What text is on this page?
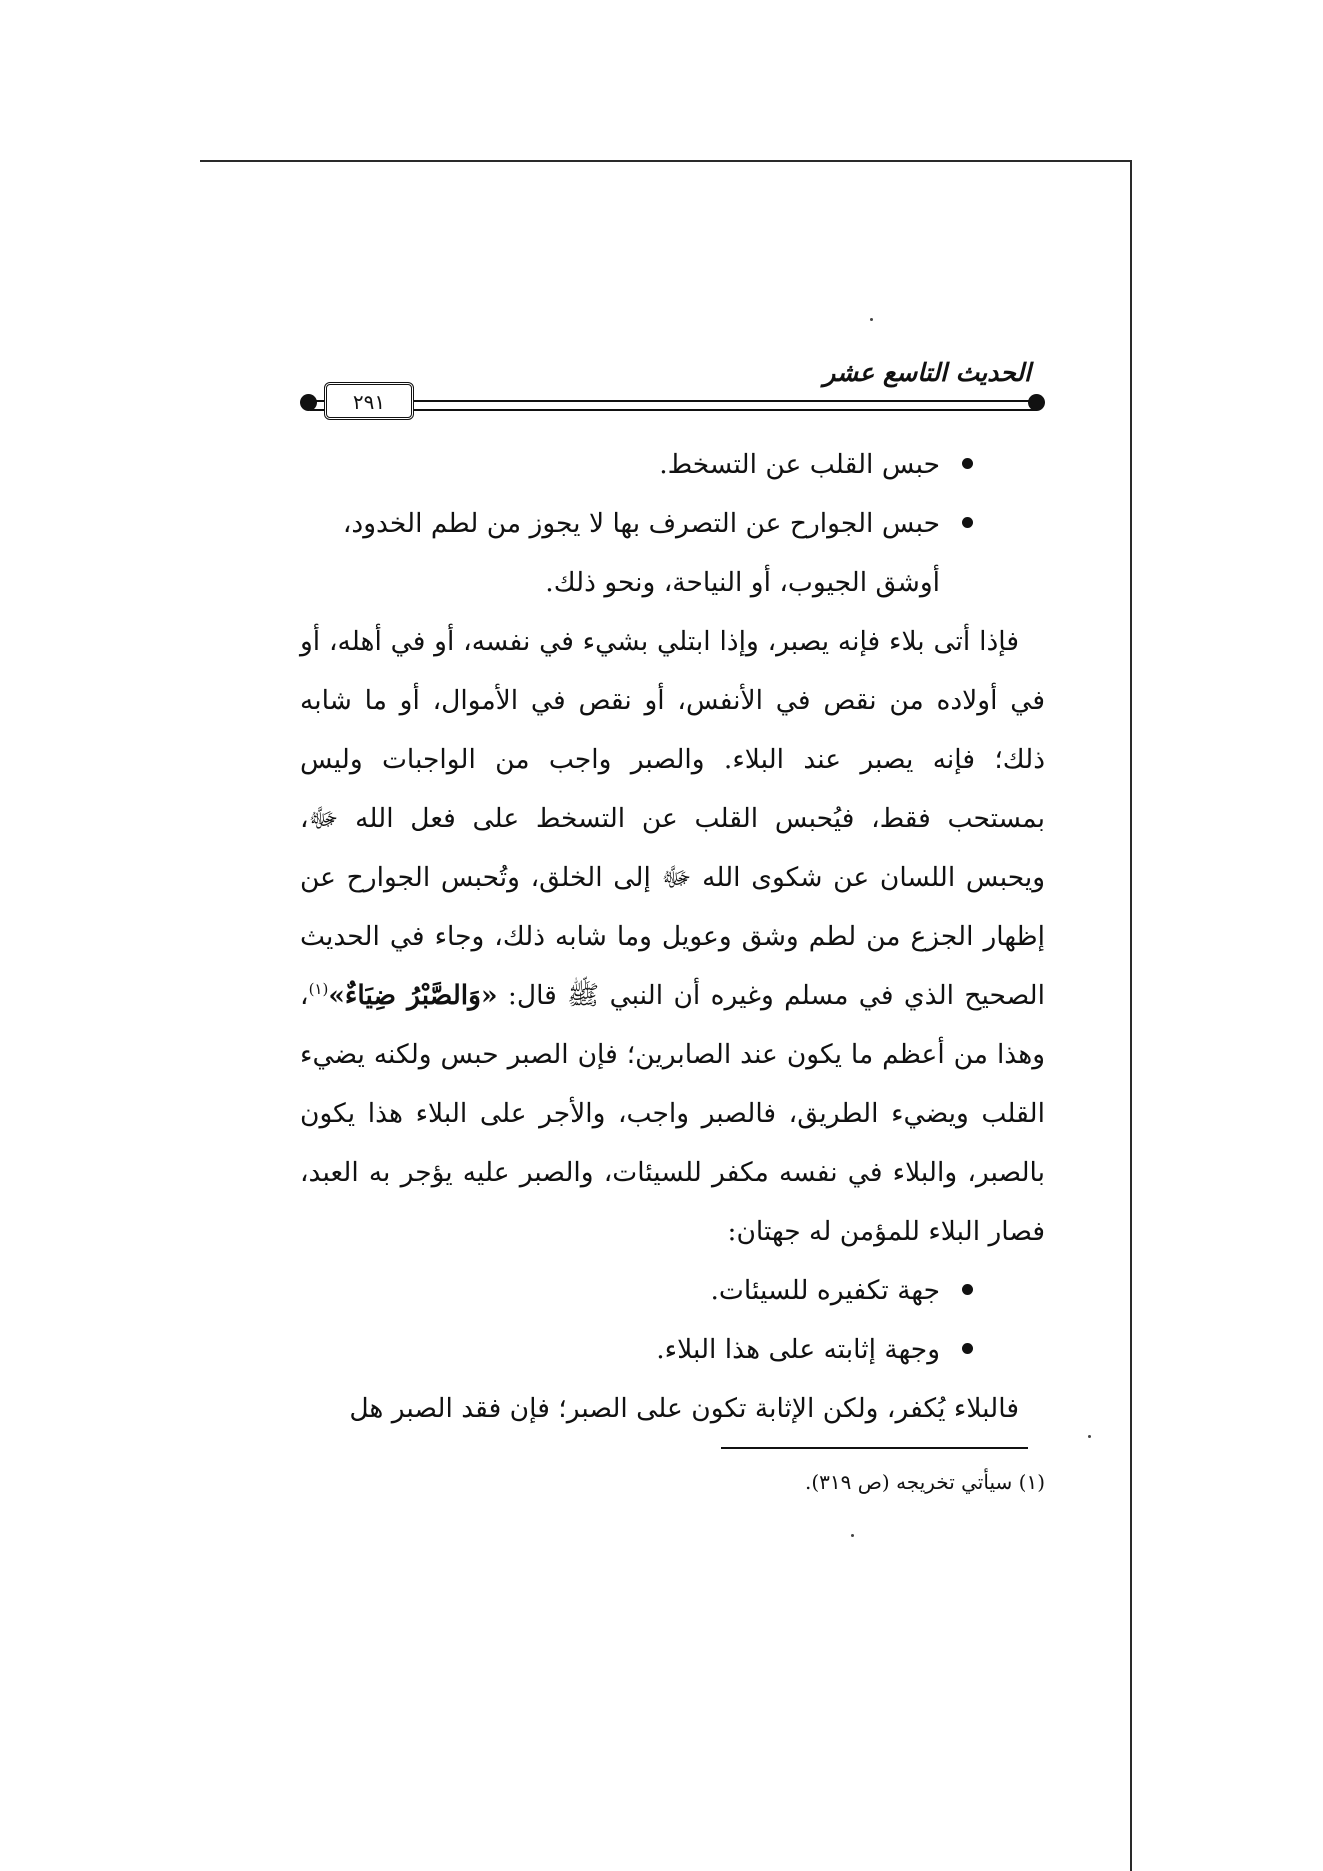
٢٩١
الحديث التاسع عشر
حبس القلب عن التسخط.
حبس الجوارح عن التصرف بها لا يجوز من لطم الخدود، أوشق الجيوب، أو النياحة، ونحو ذلك.
فإذا أتى بلاء فإنه يصبر، وإذا ابتلي بشيء في نفسه، أو في أهله، أو في أولاده من نقص في الأنفس، أو نقص في الأموال، أو ما شابه ذلك؛ فإنه يصبر عند البلاء. والصبر واجب من الواجبات وليس بمستحب فقط، فيُحبس القلب عن التسخط على فعل الله ﷻ، ويحبس اللسان عن شكوى الله ﷻ إلى الخلق، وتُحبس الجوارح عن إظهار الجزع من لطم وشق وعويل وما شابه ذلك، وجاء في الحديث الصحيح الذي في مسلم وغيره أن النبي ﷺ قال: «وَالصَّبْرُ ضِيَاءٌ»$^{(١)}$، وهذا من أعظم ما يكون عند الصابرين؛ فإن الصبر حبس ولكنه يضيء القلب ويضيء الطريق، فالصبر واجب، والأجر على البلاء هذا يكون بالصبر، والبلاء في نفسه مكفر للسيئات، والصبر عليه يؤجر به العبد، فصار البلاء للمؤمن له جهتان:
جهة تكفيره للسيئات.
وجهة إثابته على هذا البلاء.
فالبلاء يُكفر، ولكن الإثابة تكون على الصبر؛ فإن فقد الصبر هل
(١) سيأتي تخريجه (ص ٣١٩).
